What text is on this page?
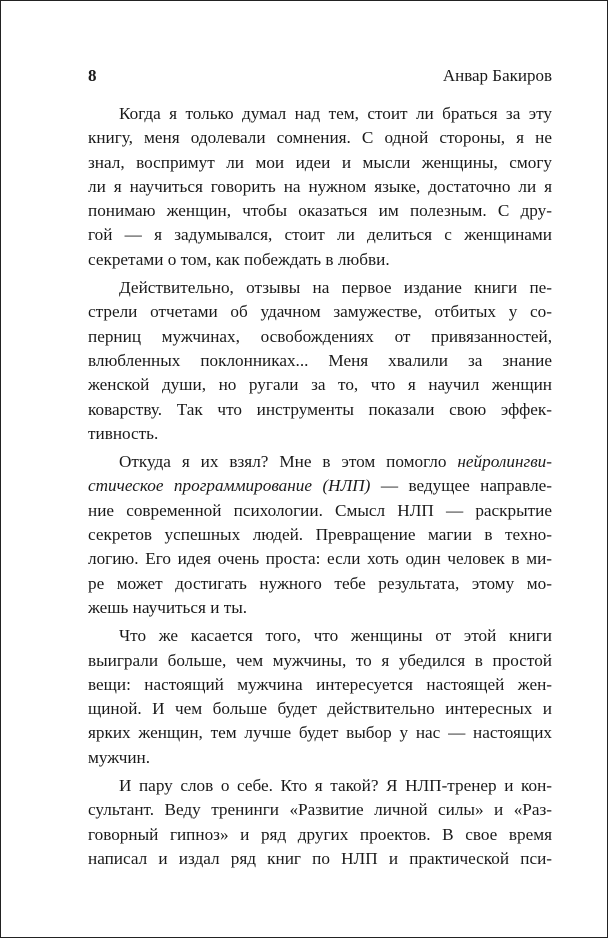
8	Анвар Бакиров
Когда я только думал над тем, стоит ли браться за эту
книгу, меня одолевали сомнения. С одной стороны, я не
знал, воспримут ли мои идеи и мысли женщины, смогу
ли я научиться говорить на нужном языке, достаточно ли я
понимаю женщин, чтобы оказаться им полезным. С дру-
гой — я задумывался, стоит ли делиться с женщинами
секретами о том, как побеждать в любви.
Действительно, отзывы на первое издание книги пе-
стрели отчетами об удачном замужестве, отбитых у со-
перниц мужчинах, освобождениях от привязанностей,
влюбленных поклонниках... Меня хвалили за знание
женской души, но ругали за то, что я научил женщин
коварству. Так что инструменты показали свою эффек-
тивность.
Откуда я их взял? Мне в этом помогло нейролингви-
стическое программирование (НЛП) — ведущее направле-
ние современной психологии. Смысл НЛП — раскрытие
секретов успешных людей. Превращение магии в техно-
логию. Его идея очень проста: если хоть один человек в ми-
ре может достигать нужного тебе результата, этому мо-
жешь научиться и ты.
Что же касается того, что женщины от этой книги
выиграли больше, чем мужчины, то я убедился в простой
вещи: настоящий мужчина интересуется настоящей жен-
щиной. И чем больше будет действительно интересных и
ярких женщин, тем лучше будет выбор у нас — настоящих
мужчин.
И пару слов о себе. Кто я такой? Я НЛП-тренер и кон-
сультант. Веду тренинги «Развитие личной силы» и «Раз-
говорный гипноз» и ряд других проектов. В свое время
написал и издал ряд книг по НЛП и практической пси-
